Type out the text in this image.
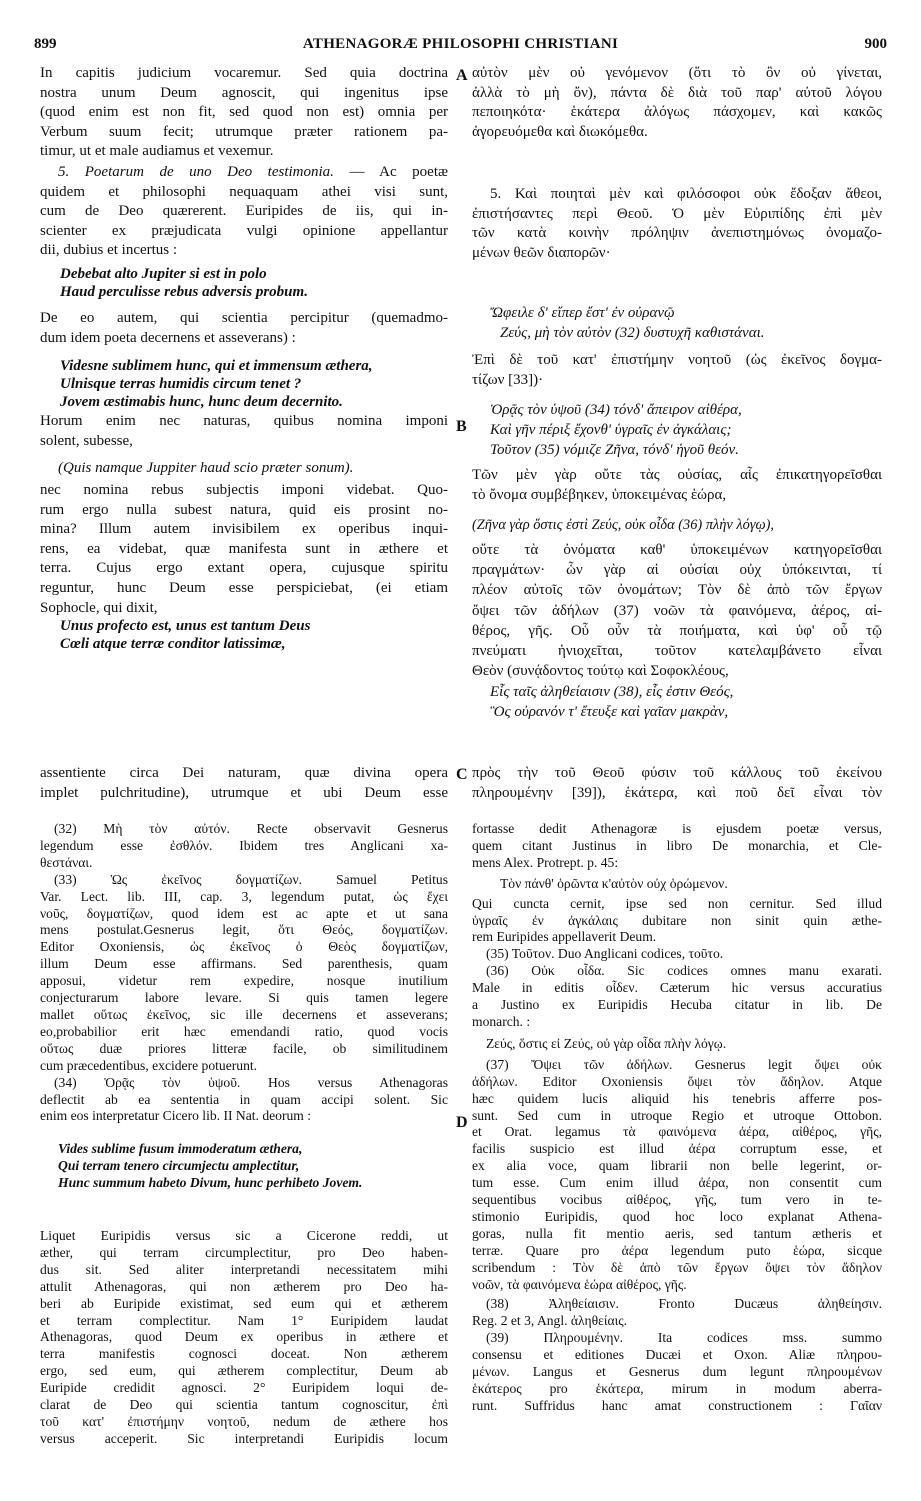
899	ATHENAGORÆ PHILOSOPHI CHRISTIANI	900
A
B
C
D

In capitis judicium vocaremur. Sed quia doctrina

nostra unum Deum agnoscit, qui ingenitus ipse

(quod enim est non fit, sed quod non est) omnia per

Verbum suum fecit; utrumque præter rationem pa-

timur, ut et male audiamus et vexemur.

5. Poetarum de uno Deo testimonia. — Ac poetæ

quidem et philosophi nequaquam athei visi sunt,

cum de Deo quærerent. Euripides de iis, qui in-

scienter ex præjudicata vulgi opinione appellantur

dii, dubius et incertus :

Debebat alto Jupiter si est in polo

Haud perculisse rebus adversis probum.

De eo autem, qui scientia percipitur (quemadmo-

dum idem poeta decernens et asseverans) :

Videsne sublimem hunc, qui et immensum æthera,

Ulnisque terras humidis circum tenet ?

Jovem æstimabis hunc, hunc deum decernito.

Horum enim nec naturas, quibus nomina imponi

solent, subesse,

(Quis namque Juppiter haud scio præter sonum).

nec nomina rebus subjectis imponi videbat. Quo-

rum ergo nulla subest natura, quid eis prosint no-

mina? Illum autem invisibilem ex operibus inqui-

rens, ea videbat, quæ manifesta sunt in æthere et

terra. Cujus ergo extant opera, cujusque spiritu

reguntur, hunc Deum esse perspiciebat, (ei etiam

Sophocle, qui dixit,

Unus profecto est, unus est tantum Deus

Cœli atque terræ conditor latissimæ,

assentiente circa Dei naturam, quæ divina opera

implet pulchritudine), utrumque et ubi Deum esse

αὐτὸν μὲν οὐ γενόμενον (ὅτι τὸ ὂν οὐ γίνεται,

ἀλλὰ τὸ μὴ ὄν), πάντα δὲ διὰ τοῦ παρ' αὐτοῦ λόγου

πεποιηκότα· ἑκάτερα ἀλόγως πάσχομεν, καὶ κακῶς

ἀγορευόμεθα καὶ διωκόμεθα.

5. Καὶ ποιηταὶ μὲν καὶ φιλόσοφοι οὐκ ἔδοξαν ἄθεοι,

ἐπιστήσαντες περὶ Θεοῦ. Ὁ μὲν Εὐριπίδης ἐπὶ μὲν

τῶν κατὰ κοινὴν πρόληψιν ἀνεπιστημόνως ὀνομαζο-

μένων θεῶν διαπορῶν·

Ὤφειλε δ' εἴπερ ἔστ' ἐν οὐρανῷ

Ζεύς, μὴ τὸν αὐτὸν (32) δυστυχῆ καθιστάναι.

Ἐπὶ δὲ τοῦ κατ' ἐπιστήμην νοητοῦ (ὡς ἐκεῖνος δογμα-

τίζων [33])·

Ὁρᾷς τὸν ὑψοῦ (34) τόνδ' ἄπειρον αἰθέρα,

Καὶ γῆν πέριξ ἔχονθ' ὑγραῖς ἐν ἀγκάλαις;

Τοῦτον (35) νόμιζε Ζῆνα, τόνδ' ἡγοῦ θεόν.

Τῶν μὲν γὰρ οὔτε τὰς οὐσίας, αἷς ἐπικατηγορεῖσθαι

τὸ ὄνομα συμβέβηκεν, ὑποκειμένας ἑώρα,

(Ζῆνα γὰρ ὅστις ἐστὶ Ζεύς, οὐκ οἶδα (36) πλὴν λόγῳ),

οὔτε τὰ ὀνόματα καθ' ὑποκειμένων κατηγορεῖσθαι

πραγμάτων· ὧν γὰρ αἱ οὐσίαι οὐχ ὑπόκεινται, τί

πλέον αὐτοῖς τῶν ὀνομάτων; Τὸν δὲ ἀπὸ τῶν ἔργων

ὄψει τῶν ἀδήλων (37) νοῶν τὰ φαινόμενα, ἀέρος, αἰ-

θέρος, γῆς. Οὗ οὖν τὰ ποιήματα, καὶ ὑφ' οὗ τῷ

πνεύματι ἡνιοχεῖται, τοῦτον κατελαμβάνετο εἶναι

Θεὸν (συνᾴδοντος τούτῳ καὶ Σοφοκλέους,

Εἷς ταῖς ἀληθείαισιν (38), εἷς ἐστιν Θεός,

Ὃς οὐρανόν τ' ἔτευξε καὶ γαῖαν μακρὰν,

πρὸς τὴν τοῦ Θεοῦ φύσιν τοῦ κάλλους τοῦ ἐκείνου

πληρουμένην [39]), ἑκάτερα, καὶ ποῦ δεῖ εἶναι τὸν

(32) Μὴ τὸν αὐτόν. Recte observavit Gesnerus

legendum esse ἐσθλόν. Ibidem tres Anglicani xa-

θεστάναι.

(33) Ὡς ἐκεῖνος δογματίζων. Samuel Petitus

Var. Lect. lib. III, cap. 3, legendum putat, ὡς ἔχει

νοῦς, δογματίζων, quod idem est ac apte et ut sana

mens postulat.Gesnerus legit, ὅτι Θεός, δογματίζων.

Editor Oxoniensis, ὡς ἐκεῖνος ὁ Θεὸς δογματίζων,

illum Deum esse affirmans. Sed parenthesis, quam

apposui, videtur rem expedire, nosque inutilium

conjecturarum labore levare. Si quis tamen legere

mallet οὕτως ἐκεῖνος, sic ille decernens et asseverans;

eo,probabilior erit hæc emendandi ratio, quod vocis

οὕτως duæ priores litteræ facile, ob similitudinem

cum præcedentibus, excidere potuerunt.

(34) Ὁρᾷς τὸν ὑψοῦ. Hos versus Athenagoras

deflectit ab ea sententia in quam accipi solent. Sic

enim eos interpretatur Cicero lib. II Nat. deorum :

Vides sublime fusum immoderatum æthera,

Qui terram tenero circumjectu amplectitur,

Hunc summum habeto Divum, hunc perhibeto Jovem.

Liquet Euripidis versus sic a Cicerone reddi, ut

æther, qui terram circumplectitur, pro Deo haben-

dus sit. Sed aliter interpretandi necessitatem mihi

attulit Athenagoras, qui non ætherem pro Deo ha-

beri ab Euripide existimat, sed eum qui et ætherem

et terram complectitur. Nam 1° Euripidem laudat

Athenagoras, quod Deum ex operibus in æthere et

terra manifestis cognosci doceat. Non ætherem

ergo, sed eum, qui ætherem complectitur, Deum ab

Euripide credidit agnosci. 2° Euripidem loqui de-

clarat de Deo qui scientia tantum cognoscitur, ἐπὶ

τοῦ κατ' ἐπιστήμην νοητοῦ, nedum de æthere hos

versus acceperit. Sic interpretandi Euripidis locum

fortasse dedit Athenagoræ is ejusdem poetæ versus,

quem citant Justinus in libro De monarchia, et Cle-

mens Alex. Protrept. p. 45:

Τὸν πάνθ' ὁρῶντα κ'αὐτὸν οὐχ ὁρώμενον.

Qui cuncta cernit, ipse sed non cernitur. Sed illud

ὑγραῖς ἐν ἀγκάλαις dubitare non sinit quin æthe-

rem Euripides appellaverit Deum.

(35) Τοῦτον. Duo Anglicani codices, τοῦτο.

(36) Οὐκ οἶδα. Sic codices omnes manu exarati.

Male in editis οἶδεν. Cæterum hic versus accuratius

a Justino ex Euripidis Hecuba citatur in lib. De

monarch. :

Ζεύς, ὅστις εἰ Ζεύς, οὐ γὰρ οἶδα πλὴν λόγῳ.

(37) Ὄψει τῶν ἀδήλων. Gesnerus legit ὄψει οὐκ

ἀδήλων. Editor Oxoniensis ὄψει τὸν ἄδηλον. Atque

hæc quidem lucis aliquid his tenebris afferre pos-

sunt. Sed cum in utroque Regio et utroque Ottobon.

et Orat. legamus τὰ φαινόμενα ἀέρα, αἰθέρος, γῆς,

facilis suspicio est illud ἀέρα corruptum esse, et

ex alia voce, quam librarii non belle legerint, or-

tum esse. Cum enim illud ἀέρα, non consentit cum

sequentibus vocibus αἰθέρος, γῆς, tum vero in te-

stimonio Euripidis, quod hoc loco explanat Athena-

goras, nulla fit mentio aeris, sed tantum ætheris et

terræ. Quare pro ἀέρα legendum puto ἑώρα, sicque

scribendum : Τὸν δὲ ἀπὸ τῶν ἔργων ὄψει τὸν ἄδηλον

νοῶν, τὰ φαινόμενα ἑώρα αἰθέρος, γῆς.

(38) Ἀληθείαισιν. Fronto Ducæus ἀληθείησιν.

Reg. 2 et 3, Angl. ἀληθείαις.

(39) Πληρουμένην. Ita codices mss. summo

consensu et editiones Ducæi et Oxon. Aliæ πληρου-

μένων. Langus et Gesnerus dum legunt πληρουμένων

ἑκάτερος pro ἑκάτερα, mirum in modum aberra-

runt. Suffridus hanc amat constructionem : Γαῖαν
